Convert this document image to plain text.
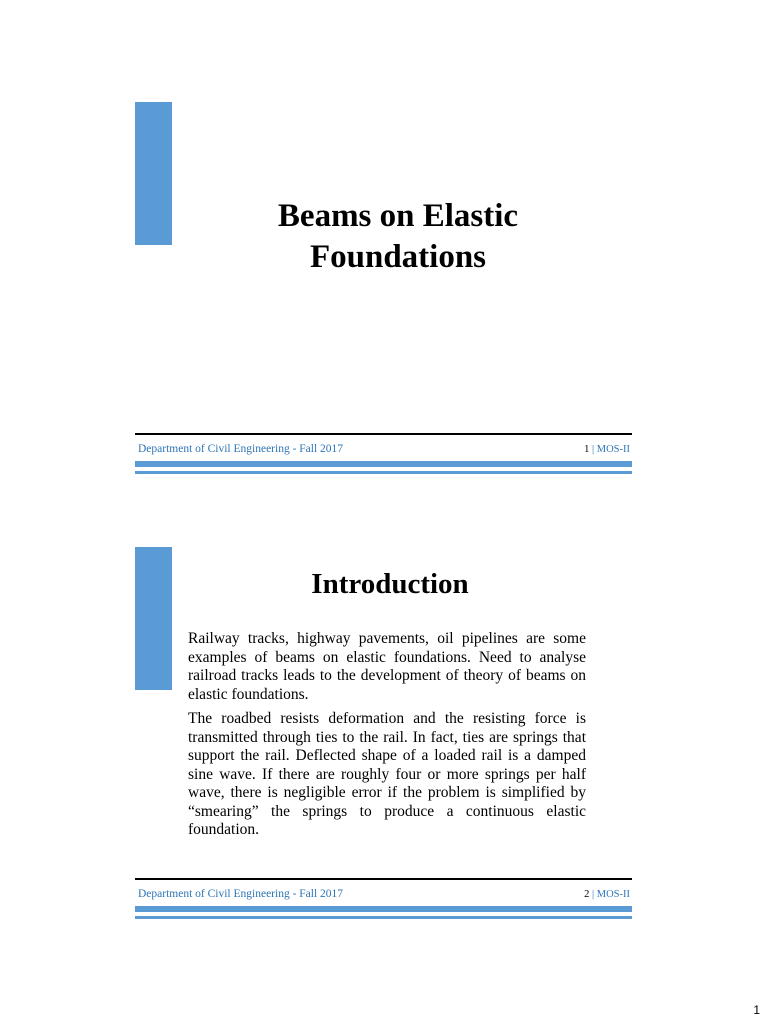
Beams on Elastic
Foundations
Department of Civil Engineering - Fall 2017	1 | MOS-II
Introduction

Railway tracks, highway pavements, oil pipelines are some examples of beams on elastic foundations. Need to analyse railroad tracks leads to the development of theory of beams on elastic foundations.

The roadbed resists deformation and the resisting force is transmitted through ties to the rail. In fact, ties are springs that support the rail. Deflected shape of a loaded rail is a damped sine wave. If there are roughly four or more springs per half wave, there is negligible error if the problem is simplified by “smearing” the springs to produce a continuous elastic foundation.

Department of Civil Engineering - Fall 2017	2 | MOS-II
1
